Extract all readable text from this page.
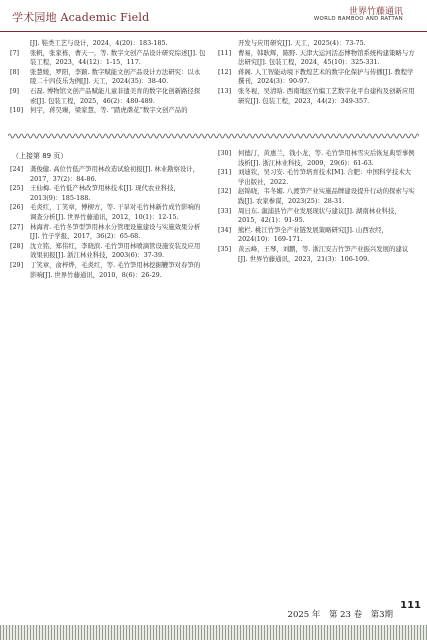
学术园地 Academic Field	世界竹藤通讯
WORLD BAMBOO AND RATTAN
[J]. 鞋类工艺与设计，2024，4(20)：183-185.
[7] 张帆，张家栋，曹天一，等. 数字文创产品设计研究综述[J]. 包装工程，2023，44(12)：1-15，117.
[8] 张慧媛，罗阳，李颖. 数字赋能文创产品设计方法研究：以永陵二十四伎乐为例[J]. 天工，2024(35)：38-40.
[9] 石磊. 博物馆文创产品赋能儿童非遗美育的数字化创新路径探索[J]. 包装工程，2025，46(2)：480-489.
[10] 何宇，蒋昊臻，梁家慧，等. “踏虎凿花”数字文创产品的
开发与应用研究[J]. 天工，2025(4)：73-75.
[11] 曹易，韩耿辉，陈野. 天津大运河活态博物馆系统构建策略与方法研究[J]. 包装工程，2024，45(10)：325-331.
[12] 蒋阁. 人工智能动境下教煌艺术的数字化保护与传播[J]. 教程学撰刊，2024(3)：90-97.
[13] 张冬视，吴清晗. 西南地区竹编工艺数字化平台建构及创新应用研究[J]. 包装工程，2023，44(2)：349-357.
（上接第 89 页）
[24] 龚俊健. 高位竹低产笋用林改造试验初报[J]. 林业勘察设计，2017，37(2)：84-86.
[25] 王仙梅. 毛竹低产林改笋用林技术[J]. 现代农业科技，2013(9)：185-188.
[26] 毛炎红，丁笑章，傅柳方，等. 干旱对毛竹林新竹成竹影响的调查分析[J]. 世界竹藤通讯，2012，10(1)：12-15.
[27] 林海青. 毛竹冬笋型笋用林水分管理设施建设与实施效果分析[J]. 竹子学报，2017，36(2)：65-68.
[28] 沈立铭，郑伟红，李晓滨. 毛竹笋用林喷滴管设施安装及应用效果初报[J]. 浙江林业科技，2003(6)：37-39.
[29] 丁笑章，俞梓烨，毛炎红，等. 毛竹笋用林挖掘鞭笋对春笋的影响[J]. 世界竹藤通讯，2010，8(6)：26-29.
[30] 何德汀，黄惠兰，钱小龙，等. 毛竹笋用林雪灾后恢复典型事例浅析[J]. 浙江林业科技，2009，29(6)：61-63.
[31] 刘迪钦，吴习安. 毛竹笋培育技术[M]. 合肥：中国科学技术大学出版社，2022.
[32] 赵锦晓，韦冬媚. 八渡笋产业实施品牌建设提升行动的探索与实践[J]. 农家参谋，2023(25)：28-31.
[33] 周日东. 溆浦县竹产业发展现状与建议[J]. 湖南林业科技，2015，42(1)：91-95.
[34] 熊栏. 桃江竹笋全产业链发展策略研究[J]. 山西农经，2024(10)：169-171.
[35] 黄云峰，王琴，刘鹏，等. 浙江安吉竹笋产业振兴发展的建议[J]. 世界竹藤通讯，2023，21(3)：106-109.
2025 年　第 23 卷　第3期
111
